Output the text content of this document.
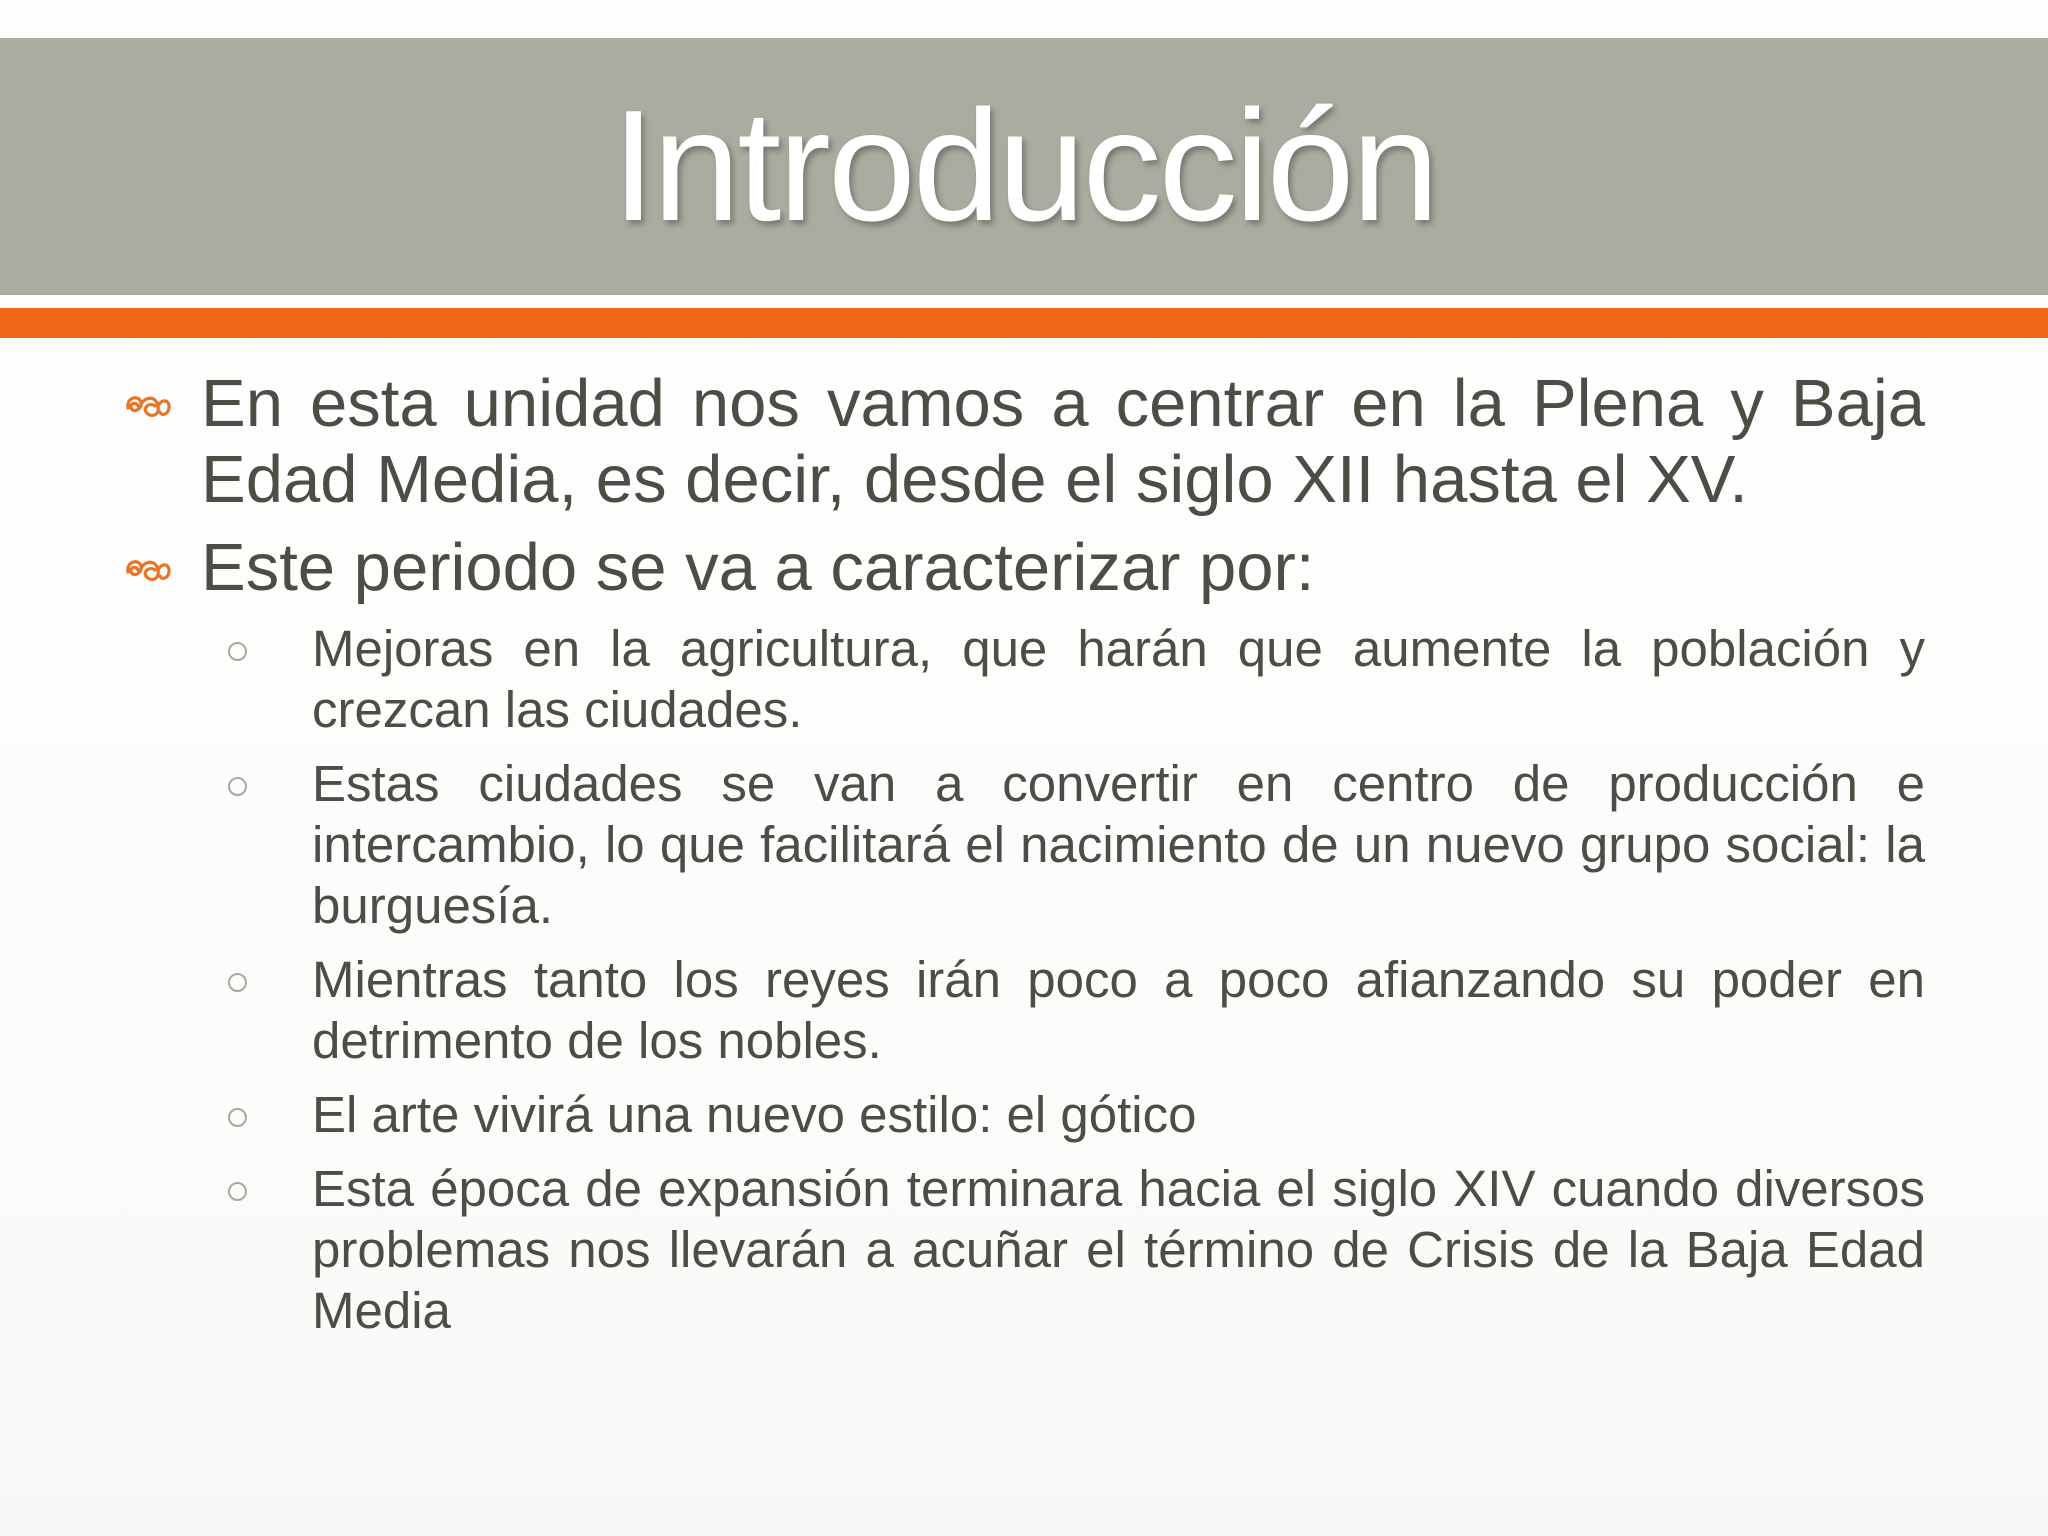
Introducción
En esta unidad nos vamos a centrar en la Plena y Baja Edad Media, es decir, desde el siglo XII hasta el XV.
Este periodo se va a caracterizar por:
Mejoras en la agricultura, que harán que aumente la población y crezcan las ciudades.
Estas ciudades se van a convertir en centro de producción e intercambio, lo que facilitará el nacimiento de un nuevo grupo social: la burguesía.
Mientras tanto los reyes irán poco a poco afianzando su poder en detrimento de los nobles.
El arte vivirá una nuevo estilo: el gótico
Esta época de expansión terminara hacia el siglo XIV cuando diversos problemas nos llevarán a acuñar el término de Crisis de la Baja Edad Media
